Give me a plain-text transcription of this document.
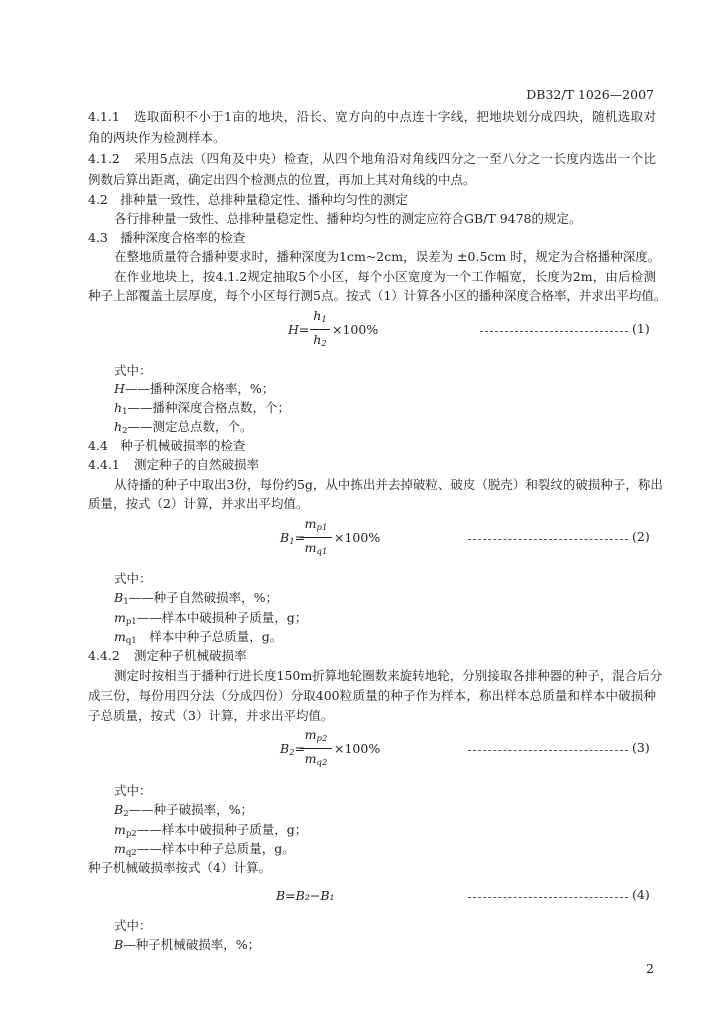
DB32/T 1026—2007
4.1.1 选取面积不小于1亩的地块，沿长、宽方向的中点连十字线，把地块划分成四块，随机选取对
角的两块作为检测样本。
4.1.2 采用5点法（四角及中央）检查，从四个地角沿对角线四分之一至八分之一长度内选出一个比
例数后算出距离，确定出四个检测点的位置，再加上其对角线的中点。
4.2　排种量一致性、总排种量稳定性、播种均匀性的测定
各行排种量一致性、总排种量稳定性、播种均匀性的测定应符合GB/T 9478的规定。
4.3　播种深度合格率的检查
在整地质量符合播种要求时，播种深度为1cm~2cm，误差为 ±0.5cm 时，规定为合格播种深度。
在作业地块上，按4.1.2规定抽取5个小区，每个小区宽度为一个工作幅宽，长度为2m，由后检测
种子上部覆盖土层厚度，每个小区每行测5点。按式（1）计算各小区的播种深度合格率，并求出平均值。
H=
$h_1$
$h_2$
×100%	(1)
式中：
H——播种深度合格率，%；
$h_1——$播种深度合格点数，个；
$h_2——$测定总点数，个。
4.4　种子机械破损率的检查
4.4.1 测定种子的自然破损率
从待播的种子中取出3份，每份约5g，从中拣出并去掉破粒、破皮（脱壳）和裂纹的破损种子，称出
质量，按式（2）计算，并求出平均值。
$B_1=$
$m_{p1}$
$m_{q1}$
×100%	(2)
式中：
$B_1——$种子自然破损率，%；
$m_{p1}——$样本中破损种子质量，g；
$m_{q1}$　样本中种子总质量，g。
4.4.2 测定种子机械破损率
测定时按相当于播种行进长度150m折算地轮圈数来旋转地轮，分别接取各排种器的种子，混合后分
成三份，每份用四分法（分成四份）分取400粒质量的种子作为样本，称出样本总质量和样本中破损种
子总质量，按式（3）计算，并求出平均值。
$B_2=$
$m_{p2}$
$m_{q2}$
×100%	(3)
式中：
$B_2——$种子破损率，%；
$m_{p2}——$样本中破损种子质量，g；
$m_{q2}——$样本中种子总质量，g。
种子机械破损率按式（4）计算。
B=B₂−B₁	(4)
式中：
B—种子机械破损率，%；
2
